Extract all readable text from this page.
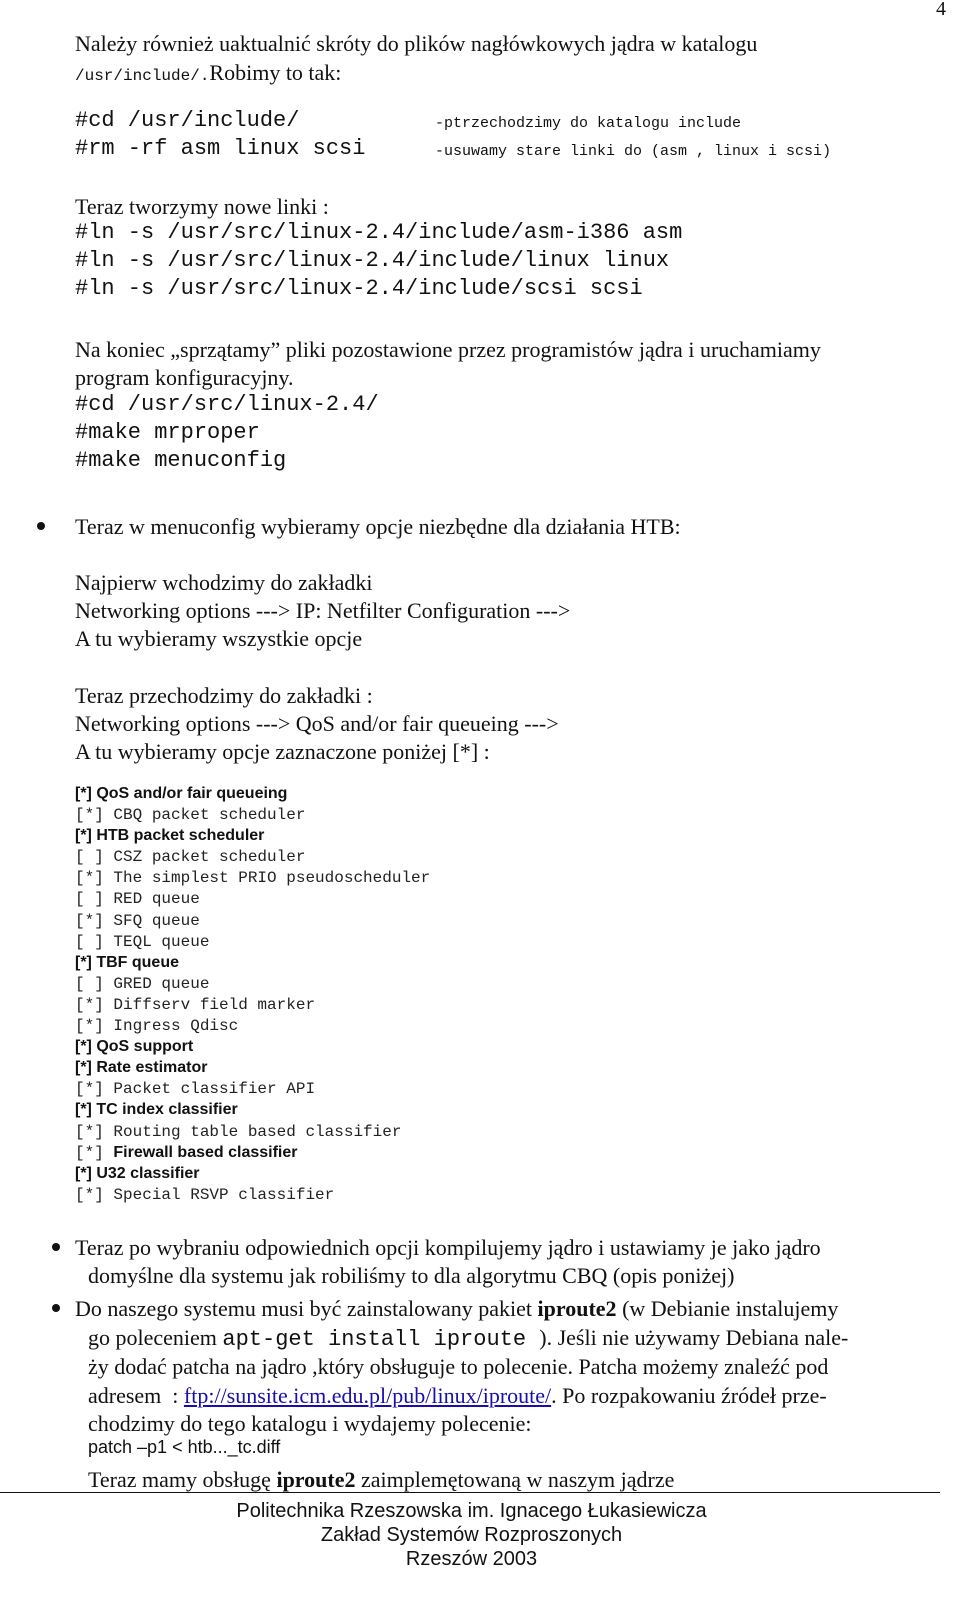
4
Należy również uaktualnić skróty do plików nagłówkowych jądra w katalogu
/usr/include/.Robimy to tak:
#cd /usr/include/	-ptrzechodzimy do katalogu include
#rm -rf asm linux scsi	-usuwamy stare linki do (asm , linux i scsi)
Teraz tworzymy nowe linki :
#ln -s /usr/src/linux-2.4/include/asm-i386 asm
#ln -s /usr/src/linux-2.4/include/linux linux
#ln -s /usr/src/linux-2.4/include/scsi scsi
Na koniec „sprzątamy” pliki pozostawione przez programistów jądra i uruchamiamy
program konfiguracyjny.
#cd /usr/src/linux-2.4/
#make mrproper
#make menuconfig
Teraz w menuconfig wybieramy opcje niezbędne dla działania HTB:
Najpierw wchodzimy do zakładki
Networking options ---> IP: Netfilter Configuration --->
A tu wybieramy wszystkie opcje
Teraz przechodzimy do zakładki :
Networking options ---> QoS and/or fair queueing --->
A tu wybieramy opcje zaznaczone poniżej [*] :
[*] QoS and/or fair queueing
[*] CBQ packet scheduler
[*] HTB packet scheduler
[ ] CSZ packet scheduler
[*] The simplest PRIO pseudoscheduler
[ ] RED queue
[*] SFQ queue
[ ] TEQL queue
[*] TBF queue
[ ] GRED queue
[*] Diffserv field marker
[*] Ingress Qdisc
[*] QoS support
[*] Rate estimator
[*] Packet classifier API
[*] TC index classifier
[*] Routing table based classifier
[*] Firewall based classifier
[*] U32 classifier
[*] Special RSVP classifier
Teraz po wybraniu odpowiednich opcji kompilujemy jądro i ustawiamy je jako jądro
domyślne dla systemu jak robiliśmy to dla algorytmu CBQ (opis poniżej)
Do naszego systemu musi być zainstalowany pakiet iproute2 (w Debianie instalujemy
go poleceniem apt-get install iproute ). Jeśli nie używamy Debiana nale-
ży dodać patcha na jądro ,który obsługuje to polecenie. Patcha możemy znaleźć pod
adresem  : ftp://sunsite.icm.edu.pl/pub/linux/iproute/. Po rozpakowaniu źródeł prze-
chodzimy do tego katalogu i wydajemy polecenie:
patch –p1 < htb..._tc.diff
Teraz mamy obsługę iproute2 zaimplemętowaną w naszym jądrze
Politechnika Rzeszowska im. Ignacego Łukasiewicza
Zakład Systemów Rozproszonych
Rzeszów 2003
